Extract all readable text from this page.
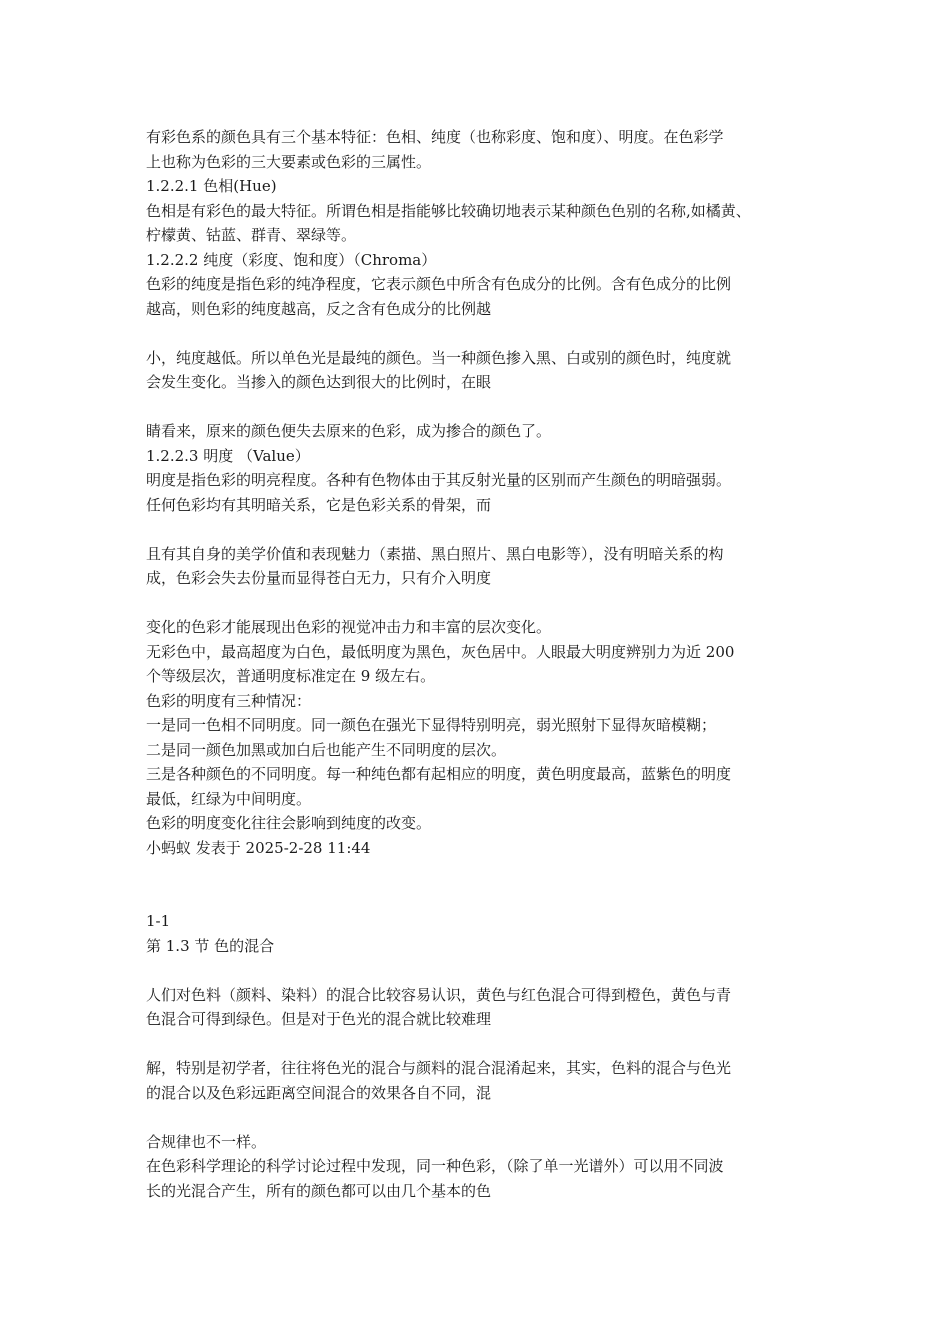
有彩色系的颜色具有三个基本特征：色相、纯度（也称彩度、饱和度）、明度。在色彩学
上也称为色彩的三大要素或色彩的三属性。
1.2.2.1 色相(Hue)
色相是有彩色的最大特征。所谓色相是指能够比较确切地表示某种颜色色别的名称,如橘黄、
柠檬黄、钴蓝、群青、翠绿等。
1.2.2.2 纯度（彩度、饱和度）（Chroma）
色彩的纯度是指色彩的纯净程度，它表示颜色中所含有色成分的比例。含有色成分的比例
越高，则色彩的纯度越高，反之含有色成分的比例越
小，纯度越低。所以单色光是最纯的颜色。当一种颜色掺入黑、白或别的颜色时，纯度就
会发生变化。当掺入的颜色达到很大的比例时，在眼
睛看来，原来的颜色便失去原来的色彩，成为掺合的颜色了。
1.2.2.3 明度 （Value）
明度是指色彩的明亮程度。各种有色物体由于其反射光量的区别而产生颜色的明暗强弱。
任何色彩均有其明暗关系，它是色彩关系的骨架，而
且有其自身的美学价值和表现魅力（素描、黑白照片、黑白电影等），没有明暗关系的构
成，色彩会失去份量而显得苍白无力，只有介入明度
变化的色彩才能展现出色彩的视觉冲击力和丰富的层次变化。
无彩色中，最高超度为白色，最低明度为黑色，灰色居中。人眼最大明度辨别力为近 200
个等级层次，普通明度标准定在 9 级左右。
色彩的明度有三种情况：
一是同一色相不同明度。同一颜色在强光下显得特别明亮，弱光照射下显得灰暗模糊；
二是同一颜色加黑或加白后也能产生不同明度的层次。
三是各种颜色的不同明度。每一种纯色都有起相应的明度，黄色明度最高，蓝紫色的明度
最低，红绿为中间明度。
色彩的明度变化往往会影响到纯度的改变。
小蚂蚁 发表于 2025-2-28 11:44
1-1
第 1.3 节 色的混合
人们对色料（颜料、染料）的混合比较容易认识，黄色与红色混合可得到橙色，黄色与青
色混合可得到绿色。但是对于色光的混合就比较难理
解，特别是初学者，往往将色光的混合与颜料的混合混淆起来，其实，色料的混合与色光
的混合以及色彩远距离空间混合的效果各自不同，混
合规律也不一样。
在色彩科学理论的科学讨论过程中发现，同一种色彩，（除了单一光谱外）可以用不同波
长的光混合产生，所有的颜色都可以由几个基本的色
